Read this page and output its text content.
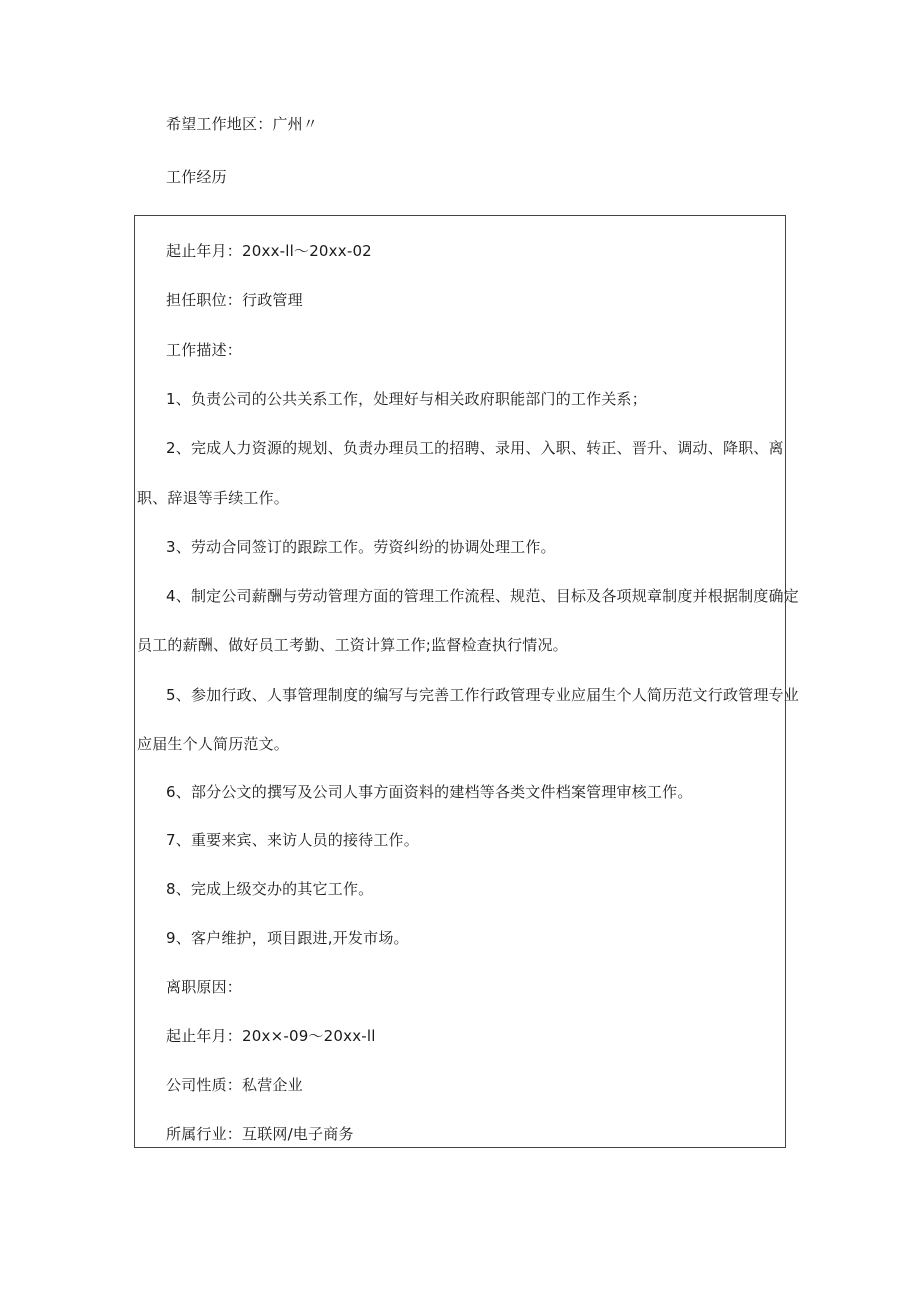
希望工作地区：广州〃
工作经历
起止年月：20xx-ll～20xx-02
担任职位：行政管理
工作描述：
1、负责公司的公共关系工作，处理好与相关政府职能部门的工作关系；
2、完成人力资源的规划、负责办理员工的招聘、录用、入职、转正、晋升、调动、降职、离
职、辞退等手续工作。
3、劳动合同签订的跟踪工作。劳资纠纷的协调处理工作。
4、制定公司薪酬与劳动管理方面的管理工作流程、规范、目标及各项规章制度并根据制度确定
员工的薪酬、做好员工考勤、工资计算工作;监督检查执行情况。
5、参加行政、人事管理制度的编写与完善工作行政管理专业应届生个人简历范文行政管理专业
应届生个人简历范文。
6、部分公文的撰写及公司人事方面资料的建档等各类文件档案管理审核工作。
7、重要来宾、来访人员的接待工作。
8、完成上级交办的其它工作。
9、客户维护，项目跟进,开发市场。
离职原因：
起止年月：20x×-09～20xx-ll
公司性质：私营企业
所属行业：互联网/电子商务
